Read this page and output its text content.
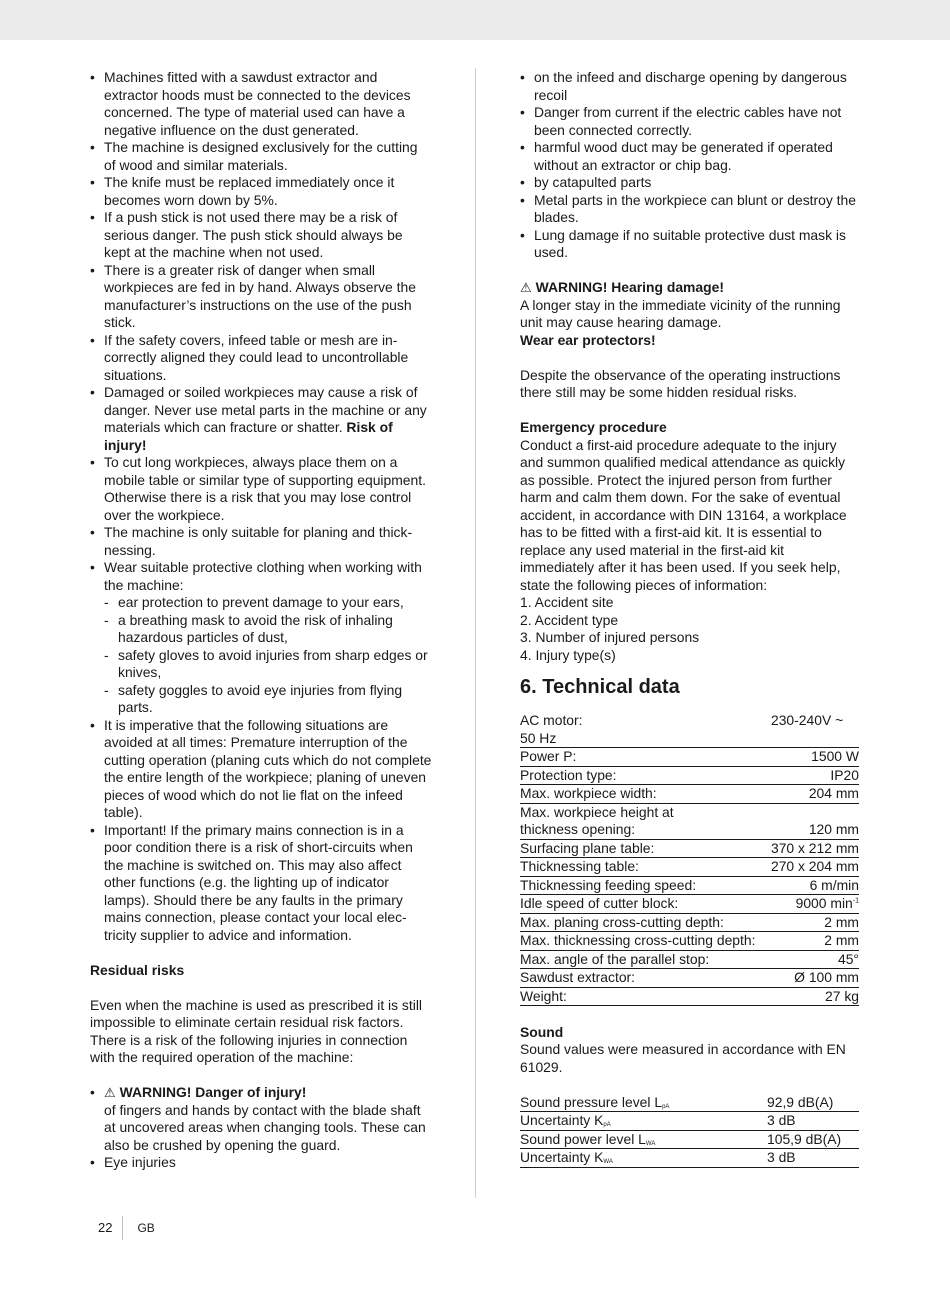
• Machines fitted with a sawdust extractor and extractor hoods must be connected to the devices concerned. The type of material used can have a negative influence on the dust generated.
• The machine is designed exclusively for the cutting of wood and similar materials.
• The knife must be replaced immediately once it becomes worn down by 5%.
• If a push stick is not used there may be a risk of serious danger. The push stick should always be kept at the machine when not used.
• There is a greater risk of danger when small workpieces are fed in by hand. Always observe the manufacturer’s instructions on the use of the push stick.
• If the safety covers, infeed table or mesh are incorrectly aligned they could lead to uncontrollable situations.
• Damaged or soiled workpieces may cause a risk of danger. Never use metal parts in the machine or any materials which can fracture or shatter. Risk of injury!
• To cut long workpieces, always place them on a mobile table or similar type of supporting equipment. Otherwise there is a risk that you may lose control over the workpiece.
• The machine is only suitable for planing and thicknessing.
• Wear suitable protective clothing when working with the machine:
- ear protection to prevent damage to your ears,
- a breathing mask to avoid the risk of inhaling hazardous particles of dust,
- safety gloves to avoid injuries from sharp edges or knives,
- safety goggles to avoid eye injuries from flying parts.
• It is imperative that the following situations are avoided at all times: Premature interruption of the cutting operation (planing cuts which do not complete the entire length of the workpiece; planing of uneven pieces of wood which do not lie flat on the infeed table).
• Important! If the primary mains connection is in a poor condition there is a risk of short-circuits when the machine is switched on. This may also affect other functions (e.g. the lighting up of indicator lamps). Should there be any faults in the primary mains connection, please contact your local electricity supplier to advice and information.

Residual risks

Even when the machine is used as prescribed it is still impossible to eliminate certain residual risk factors. There is a risk of the following injuries in connection with the required operation of the machine:

• ⚠ WARNING! Danger of injury!
of fingers and hands by contact with the blade shaft at uncovered areas when changing tools. These can also be crushed by opening the guard.
• Eye injuries
• on the infeed and discharge opening by dangerous recoil
• Danger from current if the electric cables have not been connected correctly.
• harmful wood duct may be generated if operated without an extractor or chip bag.
• by catapulted parts
• Metal parts in the workpiece can blunt or destroy the blades.
• Lung damage if no suitable protective dust mask is used.

⚠ WARNING! Hearing damage!

A longer stay in the immediate vicinity of the running unit may cause hearing damage.

Wear ear protectors!

Despite the observance of the operating instructions there still may be some hidden residual risks.

Emergency procedure

Conduct a first-aid procedure adequate to the injury and summon qualified medical attendance as quickly as possible. Protect the injured person from further harm and calm them down. For the sake of eventual accident, in accordance with DIN 13164, a workplace has to be fitted with a first-aid kit. It is essential to replace any used material in the first-aid kit immediately after it has been used. If you seek help, state the following pieces of information:

1. Accident site

2. Accident type

3. Number of injured persons

4. Injury type(s)

6. Technical data
AC motor:	230-240V ~
50 Hz	
Power P:	1500 W
Protection type:	IP20
Max. workpiece width:	204 mm
Max. workpiece height at	
thickness opening:	120 mm
Surfacing plane table:	370 x 212 mm
Thicknessing table:	270 x 204 mm
Thicknessing feeding speed:	6 m/min
Idle speed of cutter block:	9000 $\min^{-1}$
Max. planing cross-cutting depth:	2 mm
Max. thicknessing cross-cutting depth:	2 mm
Max. angle of the parallel stop:	45°
Sawdust extractor:	Ø 100 mm
Weight:	27 kg

Sound

Sound values were measured in accordance with EN 61029.

Sound pressure level $L_{pA}$	92,9 dB(A)
Uncertainty $K_{pA}$	3 dB
Sound power level $L_{WA}$	105,9 dB(A)
Uncertainty $K_{WA}$	3 dB
22	GB
